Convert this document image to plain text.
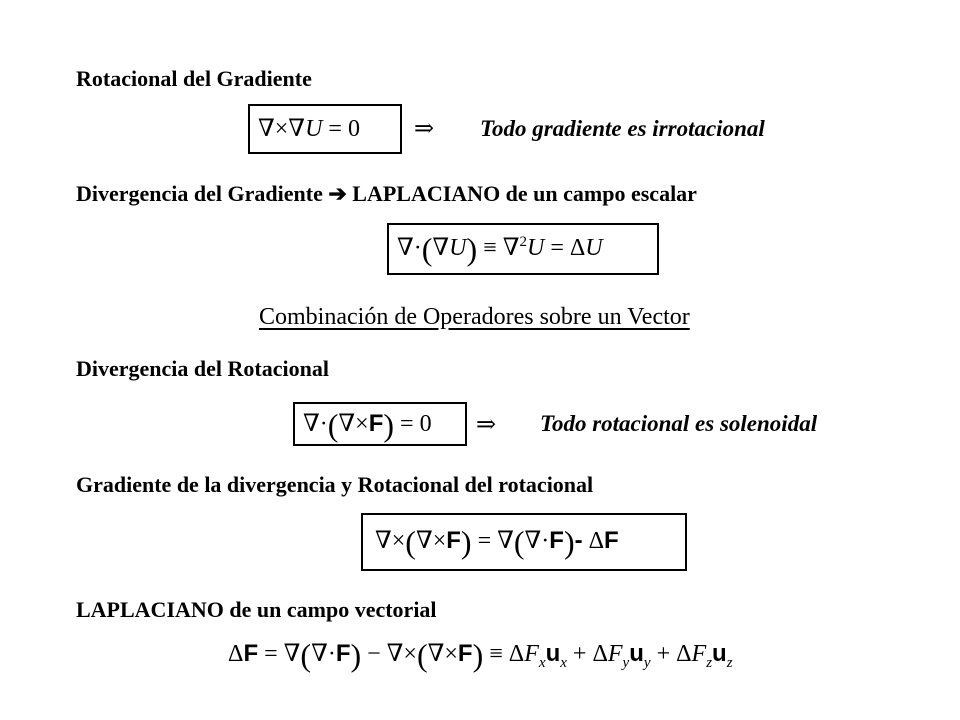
Rotacional del Gradiente
∇×∇U = 0 ⇒ Todo gradiente es irrotacional
Divergencia del Gradiente ➔ LAPLACIANO de un campo escalar
∇·(∇U) ≡ ∇$^2$U = ΔU
Combinación de Operadores sobre un Vector
Divergencia del Rotacional
∇·(∇×F) = 0 ⇒ Todo rotacional es solenoidal
Gradiente de la divergencia y Rotacional del rotacional
∇×(∇×F) = ∇(∇·F)- ΔF
LAPLACIANO de un campo vectorial
$\Delta F = \nabla(\nabla\cdot F) - \nabla\times(\nabla\times F) \equiv \Delta F_xu_x + \Delta F_yu_y + \Delta F_zu_z$
